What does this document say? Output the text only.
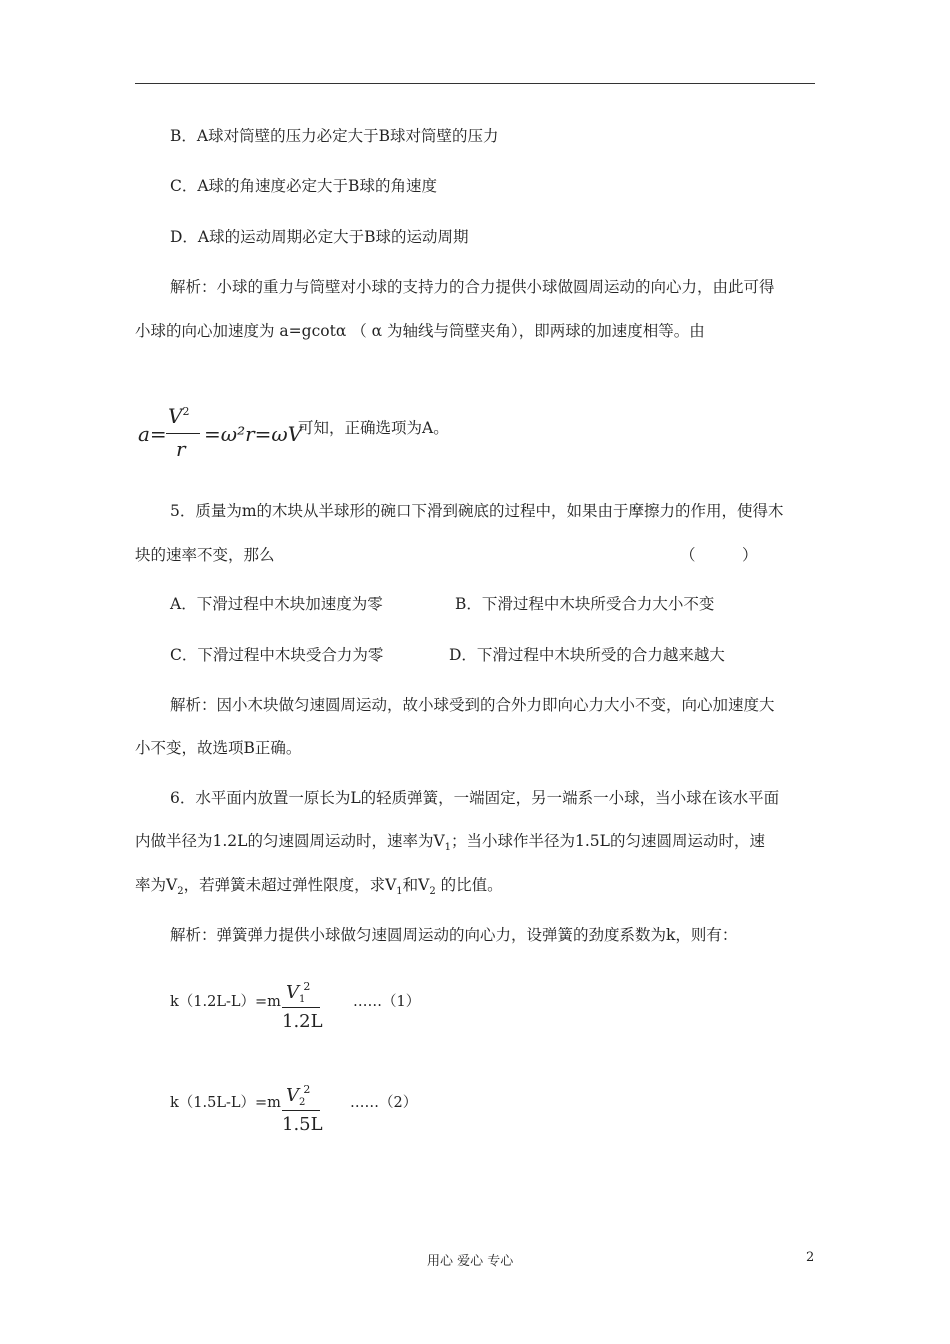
B．A球对筒壁的压力必定大于B球对筒壁的压力
C．A球的角速度必定大于B球的角速度
D．A球的运动周期必定大于B球的运动周期
解析：小球的重力与筒壁对小球的支持力的合力提供小球做圆周运动的向心力，由此可得
小球的向心加速度为 a=gcotα （ α 为轴线与筒壁夹角），即两球的加速度相等。由
a=
$V^2$
r
=ω²r=ωV
可知，正确选项为A。
5．质量为m的木块从半球形的碗口下滑到碗底的过程中，如果由于摩擦力的作用，使得木
块的速率不变，那么	（　　　）
A．下滑过程中木块加速度为零	B．下滑过程中木块所受合力大小不变
C．下滑过程中木块受合力为零	D．下滑过程中木块所受的合力越来越大
解析：因小木块做匀速圆周运动，故小球受到的合外力即向心力大小不变，向心加速度大
小不变，故选项B正确。
6．水平面内放置一原长为L的轻质弹簧，一端固定，另一端系一小球，当小球在该水平面
内做半径为1.2L的匀速圆周运动时，速率为$V_1$；当小球作半径为1.5L的匀速圆周运动时，速
率为$V_2$，若弹簧未超过弹性限度，求$V_1$和$V_2$ 的比值。
解析：弹簧弹力提供小球做匀速圆周运动的向心力，设弹簧的劲度系数为k，则有：
k（1.2L-L）=m $V_1^2$
1.2L
……（1）
k（1.5L-L）=m $V_2^2$
1.5L
……（2）
用心 爱心 专心	2
